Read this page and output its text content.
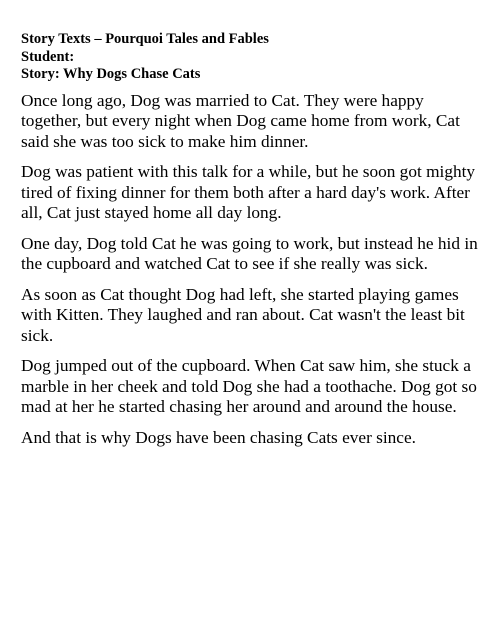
Story Texts – Pourquoi Tales and Fables

Student:

Story: Why Dogs Chase Cats

Once long ago, Dog was married to Cat. They were happy together, but every night when Dog came home from work, Cat said she was too sick to make him dinner.

Dog was patient with this talk for a while, but he soon got mighty tired of fixing dinner for them both after a hard day's work. After all, Cat just stayed home all day long.

One day, Dog told Cat he was going to work, but instead he hid in the cupboard and watched Cat to see if she really was sick.

As soon as Cat thought Dog had left, she started playing games with Kitten. They laughed and ran about. Cat wasn't the least bit sick.

Dog jumped out of the cupboard. When Cat saw him, she stuck a marble in her cheek and told Dog she had a toothache. Dog got so mad at her he started chasing her around and around the house.

And that is why Dogs have been chasing Cats ever since.
